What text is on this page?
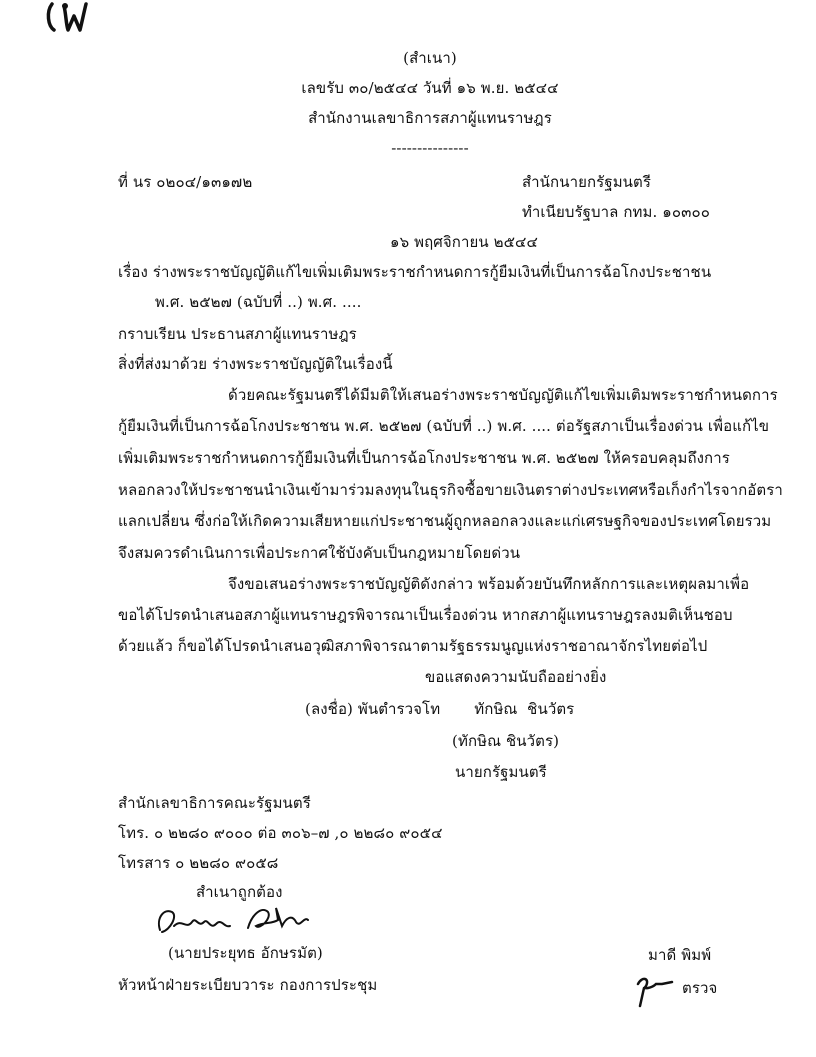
(สำเนา)
เลขรับ ๓๐/๒๕๔๔ วันที่ ๑๖ พ.ย. ๒๕๔๔
สำนักงานเลขาธิการสภาผู้แทนราษฎร
---------------
ที่ นร ๐๒๐๔/๑๓๑๗๒	สำนักนายกรัฐมนตรี
ทำเนียบรัฐบาล กทม. ๑๐๓๐๐
๑๖ พฤศจิกายน ๒๕๔๔
เรื่อง ร่างพระราชบัญญัติแก้ไขเพิ่มเติมพระราชกำหนดการกู้ยืมเงินที่เป็นการฉ้อโกงประชาชน
พ.ศ. ๒๕๒๗ (ฉบับที่ ..) พ.ศ. ....
กราบเรียน ประธานสภาผู้แทนราษฎร
สิ่งที่ส่งมาด้วย ร่างพระราชบัญญัติในเรื่องนี้
ด้วยคณะรัฐมนตรีได้มีมติให้เสนอร่างพระราชบัญญัติแก้ไขเพิ่มเติมพระราชกำหนดการ
กู้ยืมเงินที่เป็นการฉ้อโกงประชาชน พ.ศ. ๒๕๒๗ (ฉบับที่ ..) พ.ศ. .... ต่อรัฐสภาเป็นเรื่องด่วน เพื่อแก้ไข
เพิ่มเติมพระราชกำหนดการกู้ยืมเงินที่เป็นการฉ้อโกงประชาชน พ.ศ. ๒๕๒๗ ให้ครอบคลุมถึงการ
หลอกลวงให้ประชาชนนำเงินเข้ามาร่วมลงทุนในธุรกิจซื้อขายเงินตราต่างประเทศหรือเก็งกำไรจากอัตรา
แลกเปลี่ยน ซึ่งก่อให้เกิดความเสียหายแก่ประชาชนผู้ถูกหลอกลวงและแก่เศรษฐกิจของประเทศโดยรวม
จึงสมควรดำเนินการเพื่อประกาศใช้บังคับเป็นกฎหมายโดยด่วน
จึงขอเสนอร่างพระราชบัญญัติดังกล่าว พร้อมด้วยบันทึกหลักการและเหตุผลมาเพื่อ
ขอได้โปรดนำเสนอสภาผู้แทนราษฎรพิจารณาเป็นเรื่องด่วน หากสภาผู้แทนราษฎรลงมติเห็นชอบ
ด้วยแล้ว ก็ขอได้โปรดนำเสนอวุฒิสภาพิจารณาตามรัฐธรรมนูญแห่งราชอาณาจักรไทยต่อไป
ขอแสดงความนับถืออย่างยิ่ง
(ลงชื่อ) พันตำรวจโท       ทักษิณ  ชินวัตร
(ทักษิณ ชินวัตร)
นายกรัฐมนตรี
สำนักเลขาธิการคณะรัฐมนตรี
โทร. ๐ ๒๒๘๐ ๙๐๐๐ ต่อ ๓๐๖–๗ ,๐ ๒๒๘๐ ๙๐๕๔
โทรสาร ๐ ๒๒๘๐ ๙๐๕๘
สำเนาถูกต้อง
(นายประยุทธ อักษรมัต)
หัวหน้าฝ่ายระเบียบวาระ กองการประชุม
มาดี พิมพ์
ตรวจ
